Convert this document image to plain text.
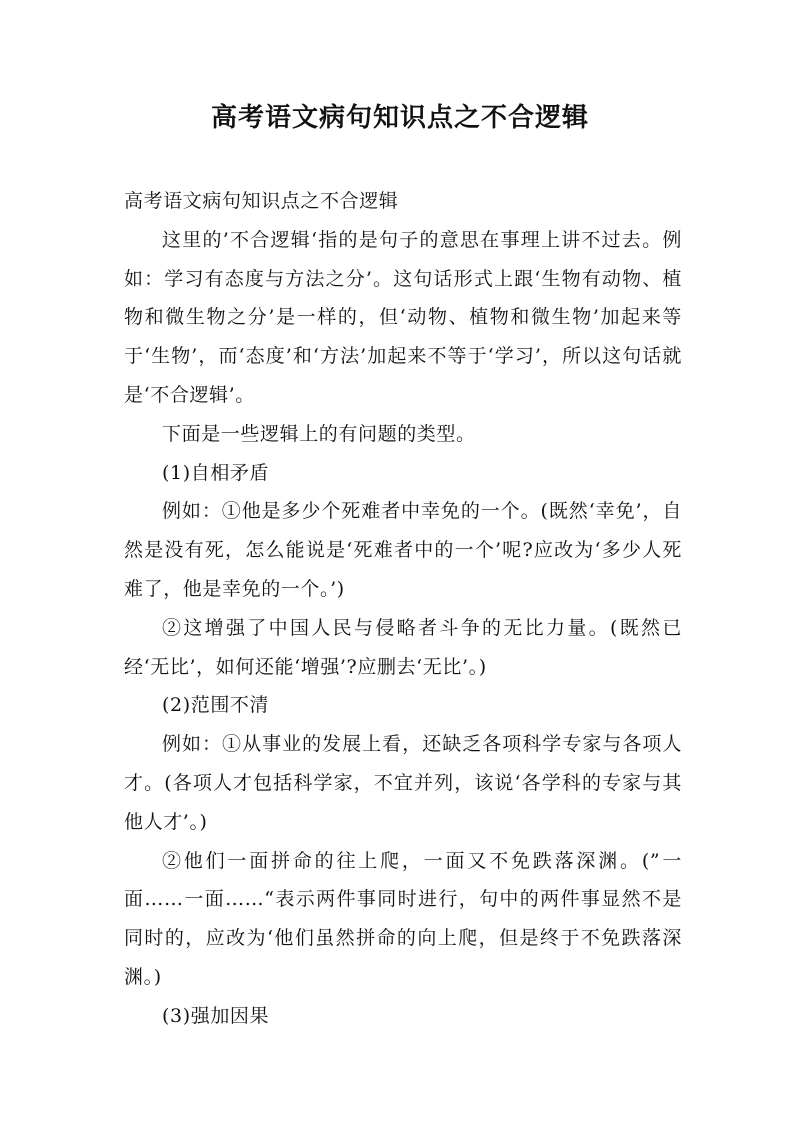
高考语文病句知识点之不合逻辑

高考语文病句知识点之不合逻辑

这里的’不合逻辑‘指的是句子的意思在事理上讲不过去。例如：学习有态度与方法之分’。这句话形式上跟‘生物有动物、植物和微生物之分’是一样的，但‘动物、植物和微生物’加起来等于‘生物’，而‘态度’和‘方法’加起来不等于‘学习’，所以这句话就是‘不合逻辑’。

下面是一些逻辑上的有问题的类型。

(1)自相矛盾

例如：①他是多少个死难者中幸免的一个。(既然‘幸免’，自然是没有死，怎么能说是‘死难者中的一个’呢?应改为‘多少人死难了，他是幸免的一个。’)

②这增强了中国人民与侵略者斗争的无比力量。(既然已经‘无比’，如何还能‘增强’?应删去‘无比’。)

(2)范围不清

例如：①从事业的发展上看，还缺乏各项科学专家与各项人才。(各项人才包括科学家，不宜并列，该说‘各学科的专家与其他人才’。)

②他们一面拼命的往上爬，一面又不免跌落深渊。(”一面……一面……“表示两件事同时进行，句中的两件事显然不是同时的，应改为‘他们虽然拼命的向上爬，但是终于不免跌落深渊。)

(3)强加因果
